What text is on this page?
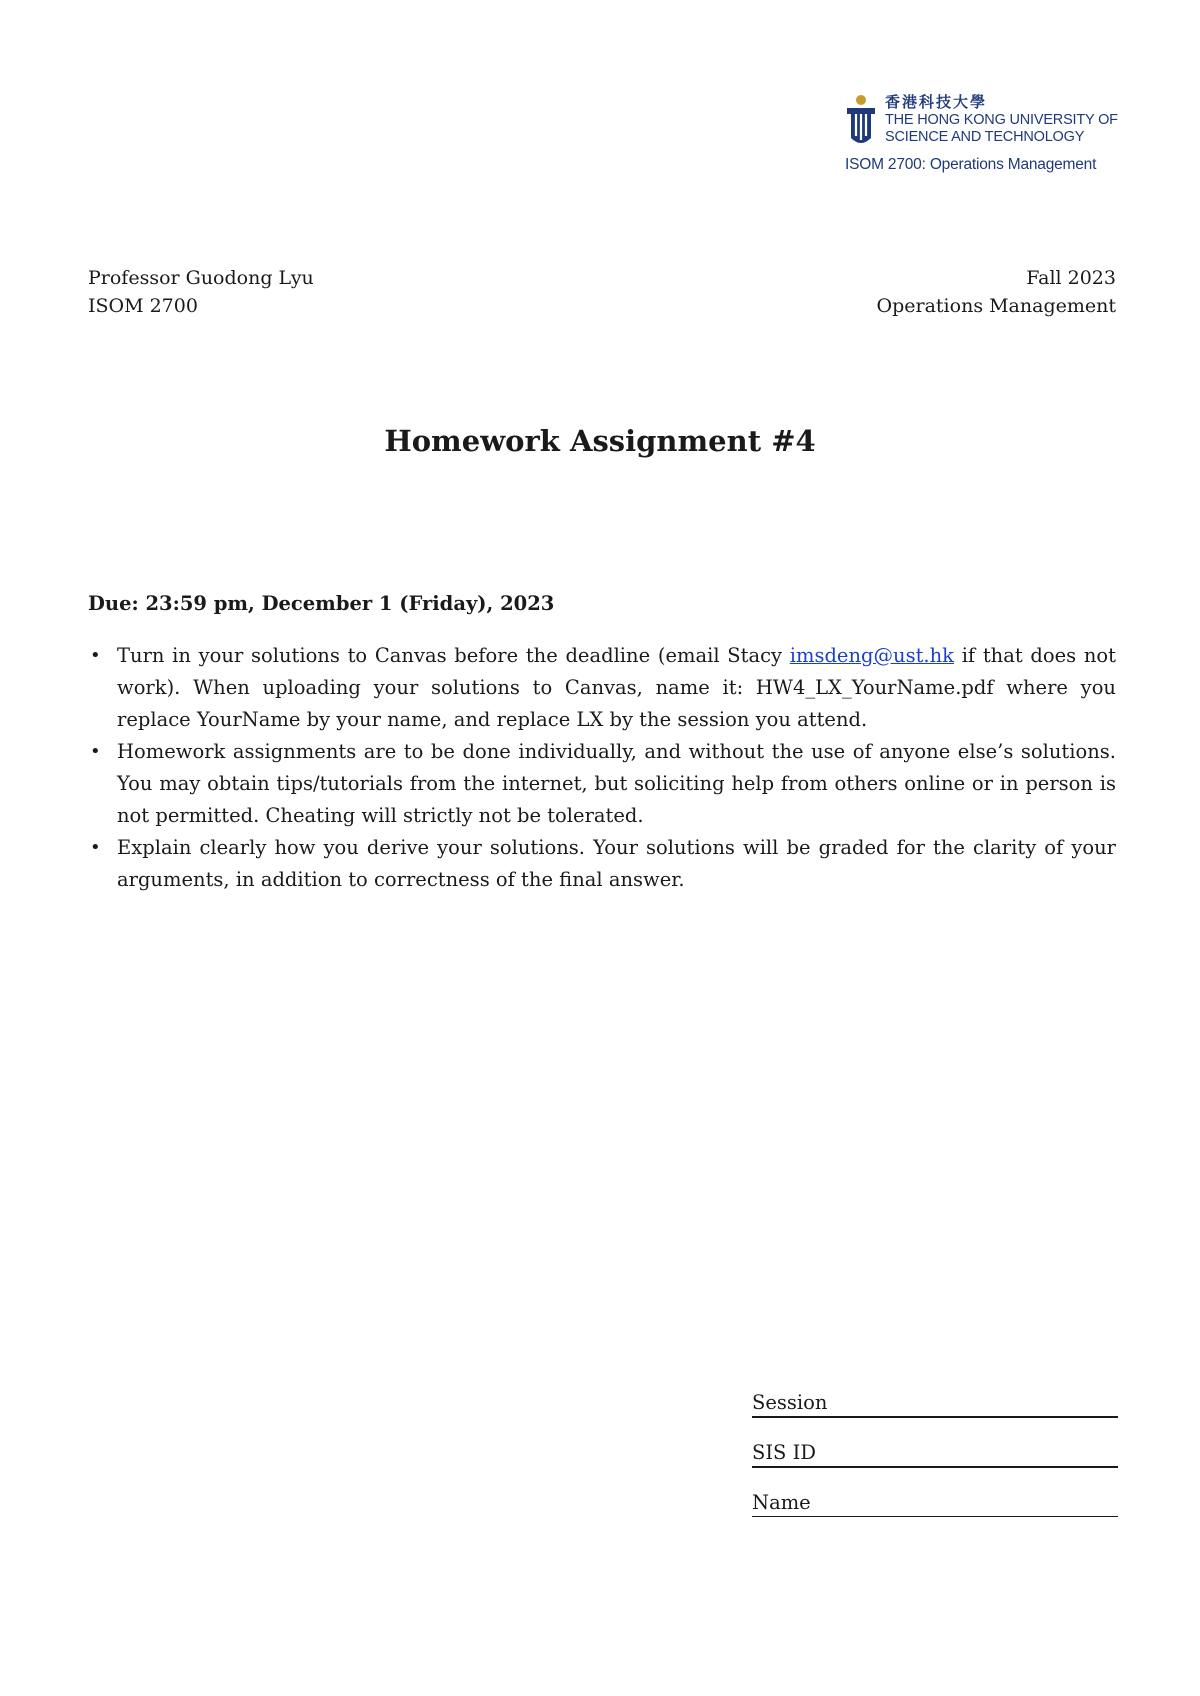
香港科技大學
THE HONG KONG UNIVERSITY OF
SCIENCE AND TECHNOLOGY
ISOM 2700: Operations Management
Professor Guodong Lyu
ISOM 2700
Fall 2023
Operations Management
Homework Assignment #4
Due: 23:59 pm, December 1 (Friday), 2023

• Turn in your solutions to Canvas before the deadline (email Stacy imsdeng@ust.hk if that does not work). When uploading your solutions to Canvas, name it: HW4_LX_YourName.pdf where you replace YourName by your name, and replace LX by the session you attend.

• Homework assignments are to be done individually, and without the use of anyone else’s solutions. You may obtain tips/tutorials from the internet, but soliciting help from others online or in person is not permitted. Cheating will strictly not be tolerated.

• Explain clearly how you derive your solutions. Your solutions will be graded for the clarity of your arguments, in addition to correctness of the final answer.

Session
SIS ID
Name
